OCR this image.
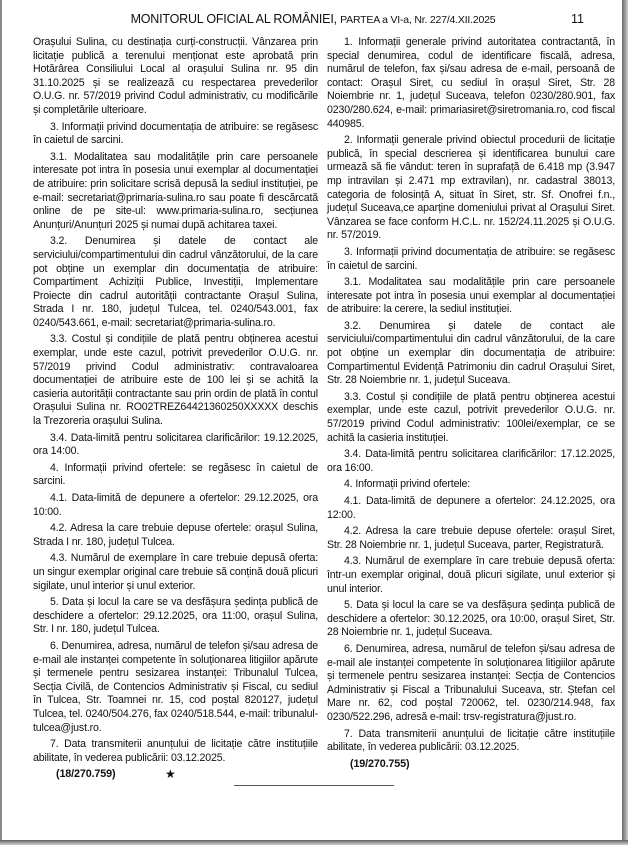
MONITORUL OFICIAL AL ROMÂNIEI, PARTEA a VI-a, Nr. 227/4.XII.2025	11

Orașului Sulina, cu destinația curți-construcții. Vânzarea prin licitație publică a terenului menționat este aprobată prin Hotărârea Consiliului Local al orașului Sulina nr. 95 din 31.10.2025 și se realizează cu respectarea prevederilor O.U.G. nr. 57/2019 privind Codul administrativ, cu modificările și completările ulterioare.

3. Informații privind documentația de atribuire: se regăsesc în caietul de sarcini.

3.1. Modalitatea sau modalitățile prin care persoanele interesate pot intra în posesia unui exemplar al documentației de atribuire: prin solicitare scrisă depusă la sediul instituției, pe e-mail: secretariat@primaria-sulina.ro sau poate fi descărcată online de pe site-ul: www.primaria-sulina.ro, secțiunea Anunțuri/Anunțuri 2025 și numai după achitarea taxei.

3.2. Denumirea și datele de contact ale serviciului/compartimentului din cadrul vânzătorului, de la care pot obține un exemplar din documentația de atribuire: Compartiment Achiziții Publice, Investiții, Implementare Proiecte din cadrul autorității contractante Orașul Sulina, Strada I nr. 180, județul Tulcea, tel. 0240/543.001, fax 0240/543.661, e-mail: secretariat@primaria-sulina.ro.

3.3. Costul și condițiile de plată pentru obținerea acestui exemplar, unde este cazul, potrivit prevederilor O.U.G. nr. 57/2019 privind Codul administrativ: contravaloarea documentației de atribuire este de 100 lei și se achită la casieria autorității contractante sau prin ordin de plată în contul Orașului Sulina nr. RO02TREZ64421360250XXXXX deschis la Trezoreria orașului Sulina.

3.4. Data-limită pentru solicitarea clarificărilor: 19.12.2025, ora 14:00.

4. Informații privind ofertele: se regăsesc în caietul de sarcini.

4.1. Data-limită de depunere a ofertelor: 29.12.2025, ora 10:00.

4.2. Adresa la care trebuie depuse ofertele: orașul Sulina, Strada I nr. 180, județul Tulcea.

4.3. Numărul de exemplare în care trebuie depusă oferta: un singur exemplar original care trebuie să conțină două plicuri sigilate, unul interior și unul exterior.

5. Data și locul la care se va desfășura ședința publică de deschidere a ofertelor: 29.12.2025, ora 11:00, orașul Sulina, Str. I nr. 180, județul Tulcea.

6. Denumirea, adresa, numărul de telefon și/sau adresa de e-mail ale instanței competente în soluționarea litigiilor apărute și termenele pentru sesizarea instanței: Tribunalul Tulcea, Secția Civilă, de Contencios Administrativ și Fiscal, cu sediul în Tulcea, Str. Toamnei nr. 15, cod poștal 820127, județul Tulcea, tel. 0240/504.276, fax 0240/518.544, e-mail: tribunalul-tulcea@just.ro.

7. Data transmiterii anunțului de licitație către instituțiile abilitate, în vederea publicării: 03.12.2025.

(18/270.759)

1. Informații generale privind autoritatea contractantă, în special denumirea, codul de identificare fiscală, adresa, numărul de telefon, fax și/sau adresa de e-mail, persoană de contact: Orașul Siret, cu sediul în orașul Siret, Str. 28 Noiembrie nr. 1, județul Suceava, telefon 0230/280.901, fax 0230/280.624, e-mail: primariasiret@siretromania.ro, cod fiscal 440985.

2. Informații generale privind obiectul procedurii de licitație publică, în special descrierea și identificarea bunului care urmează să fie vândut: teren în suprafață de 6.418 mp (3.947 mp intravilan și 2.471 mp extravilan), nr. cadastral 38013, categoria de folosință A, situat în Siret, str. Sf. Onofrei f.n., județul Suceava,ce aparține domeniului privat al Orașului Siret. Vânzarea se face conform H.C.L. nr. 152/24.11.2025 și O.U.G. nr. 57/2019.

3. Informații privind documentația de atribuire: se regăsesc în caietul de sarcini.

3.1. Modalitatea sau modalitățile prin care persoanele interesate pot intra în posesia unui exemplar al documentației de atribuire: la cerere, la sediul instituției.

3.2. Denumirea și datele de contact ale serviciului/compartimentului din cadrul vânzătorului, de la care pot obține un exemplar din documentația de atribuire: Compartimentul Evidență Patrimoniu din cadrul Orașului Siret, Str. 28 Noiembrie nr. 1, județul Suceava.

3.3. Costul și condițiile de plată pentru obținerea acestui exemplar, unde este cazul, potrivit prevederilor O.U.G. nr. 57/2019 privind Codul administrativ: 100lei/exemplar, ce se achită la casieria instituției.

3.4. Data-limită pentru solicitarea clarificărilor: 17.12.2025, ora 16:00.

4. Informații privind ofertele:

4.1. Data-limită de depunere a ofertelor: 24.12.2025, ora 12:00.

4.2. Adresa la care trebuie depuse ofertele: orașul Siret, Str. 28 Noiembrie nr. 1, județul Suceava, parter, Registratură.

4.3. Numărul de exemplare în care trebuie depusă oferta: într-un exemplar original, două plicuri sigilate, unul exterior și unul interior.

5. Data și locul la care se va desfășura ședința publică de deschidere a ofertelor: 30.12.2025, ora 10:00, orașul Siret, Str. 28 Noiembrie nr. 1, județul Suceava.

6. Denumirea, adresa, numărul de telefon și/sau adresa de e-mail ale instanței competente în soluționarea litigiilor apărute și termenele pentru sesizarea instanței: Secția de Contencios Administrativ și Fiscal a Tribunalului Suceava, str. Ștefan cel Mare nr. 62, cod poștal 720062, tel. 0230/214.948, fax 0230/522.296, adresă e-mail: trsv-registratura@just.ro.

7. Data transmiterii anunțului de licitație către instituțiile abilitate, în vederea publicării: 03.12.2025.

(19/270.755)

★
